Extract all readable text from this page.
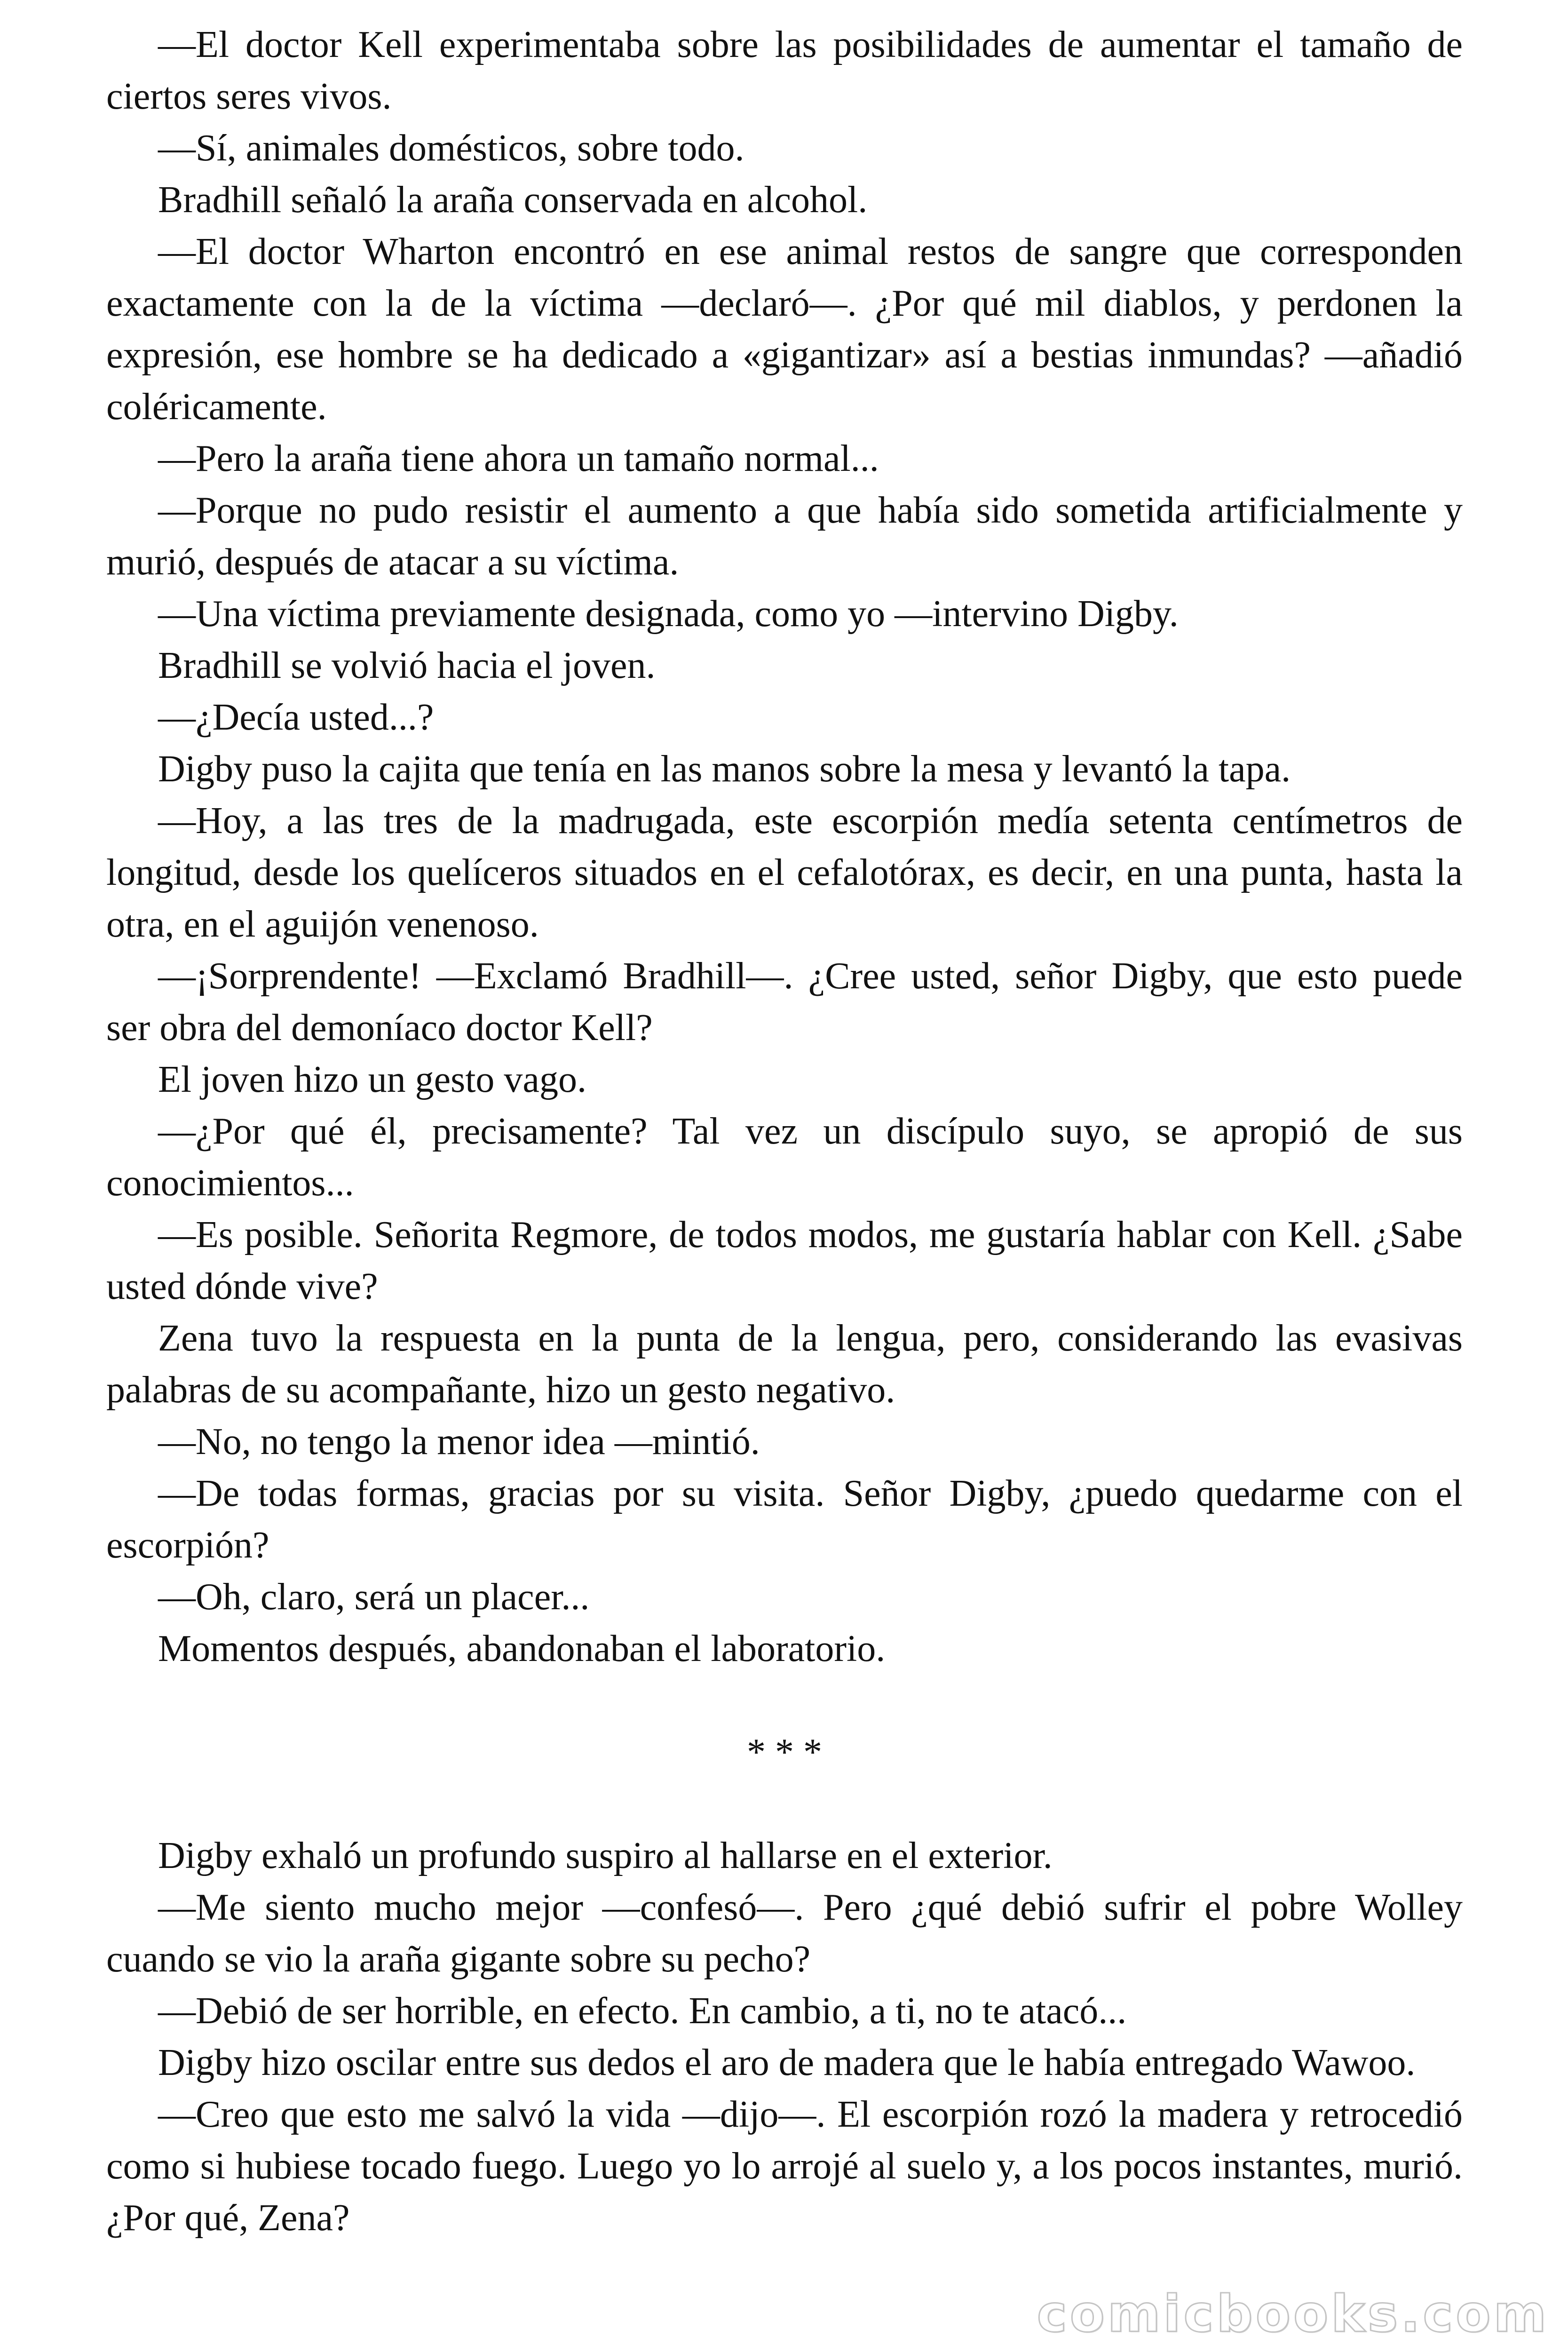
—El doctor Kell experimentaba sobre las posibilidades de aumentar el tamaño de ciertos seres vivos.

—Sí, animales domésticos, sobre todo.

Bradhill señaló la araña conservada en alcohol.

—El doctor Wharton encontró en ese animal restos de sangre que corresponden exactamente con la de la víctima —declaró—. ¿Por qué mil diablos, y perdonen la expresión, ese hombre se ha dedicado a «gigantizar» así a bestias inmundas? —añadió coléricamente.

—Pero la araña tiene ahora un tamaño normal...

—Porque no pudo resistir el aumento a que había sido sometida artificialmente y murió, después de atacar a su víctima.

—Una víctima previamente designada, como yo —intervino Digby.

Bradhill se volvió hacia el joven.

—¿Decía usted...?

Digby puso la cajita que tenía en las manos sobre la mesa y levantó la tapa.

—Hoy, a las tres de la madrugada, este escorpión medía setenta centímetros de longitud, desde los quelíceros situados en el cefalotórax, es decir, en una punta, hasta la otra, en el aguijón venenoso.

—¡Sorprendente! —Exclamó Bradhill—. ¿Cree usted, señor Digby, que esto puede ser obra del demoníaco doctor Kell?

El joven hizo un gesto vago.

—¿Por qué él, precisamente? Tal vez un discípulo suyo, se apropió de sus conocimientos...

—Es posible. Señorita Regmore, de todos modos, me gustaría hablar con Kell. ¿Sabe usted dónde vive?

Zena tuvo la respuesta en la punta de la lengua, pero, considerando las evasivas palabras de su acompañante, hizo un gesto negativo.

—No, no tengo la menor idea —mintió.

—De todas formas, gracias por su visita. Señor Digby, ¿puedo quedarme con el escorpión?

—Oh, claro, será un placer...

Momentos después, abandonaban el laboratorio.

* * *

Digby exhaló un profundo suspiro al hallarse en el exterior.

—Me siento mucho mejor —confesó—. Pero ¿qué debió sufrir el pobre Wolley cuando se vio la araña gigante sobre su pecho?

—Debió de ser horrible, en efecto. En cambio, a ti, no te atacó...

Digby hizo oscilar entre sus dedos el aro de madera que le había entregado Wawoo.

—Creo que esto me salvó la vida —dijo—. El escorpión rozó la madera y retrocedió como si hubiese tocado fuego. Luego yo lo arrojé al suelo y, a los pocos instantes, murió. ¿Por qué, Zena?

comicbooks.com
